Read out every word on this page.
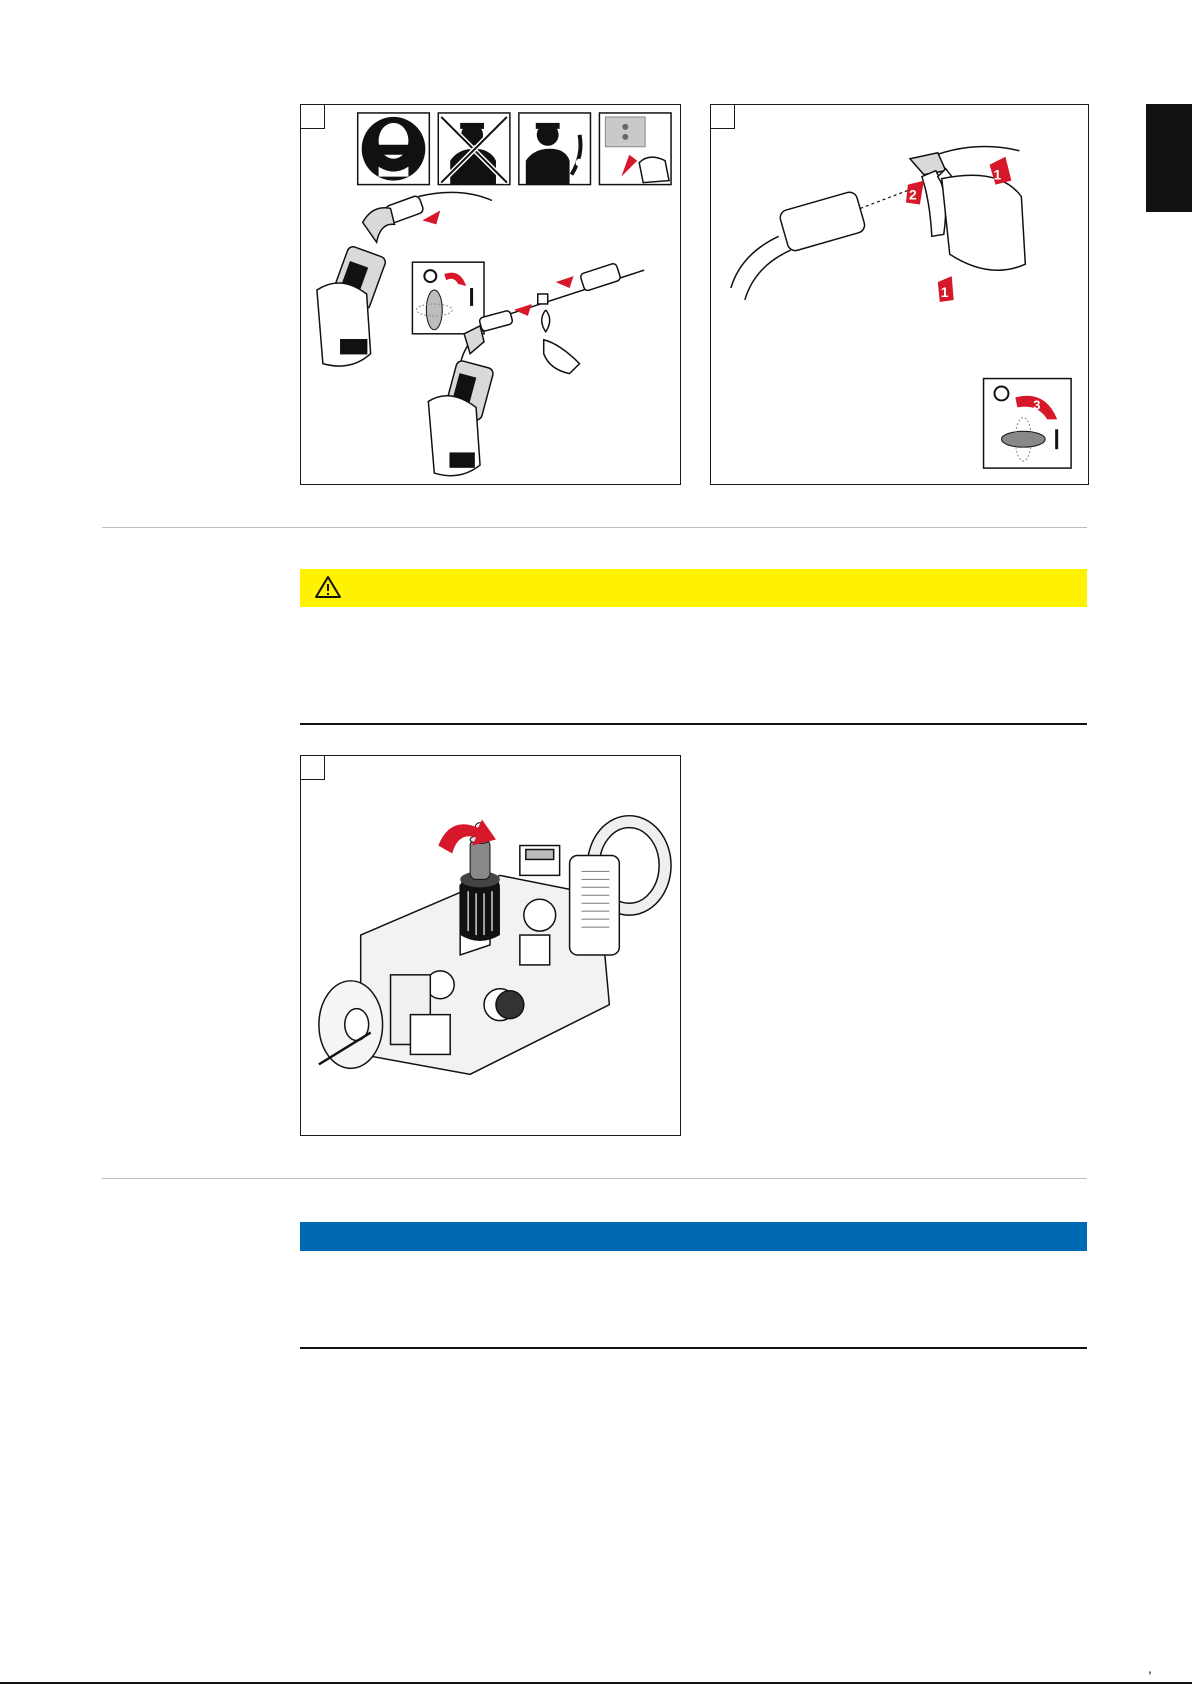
1
2
1
3
,
